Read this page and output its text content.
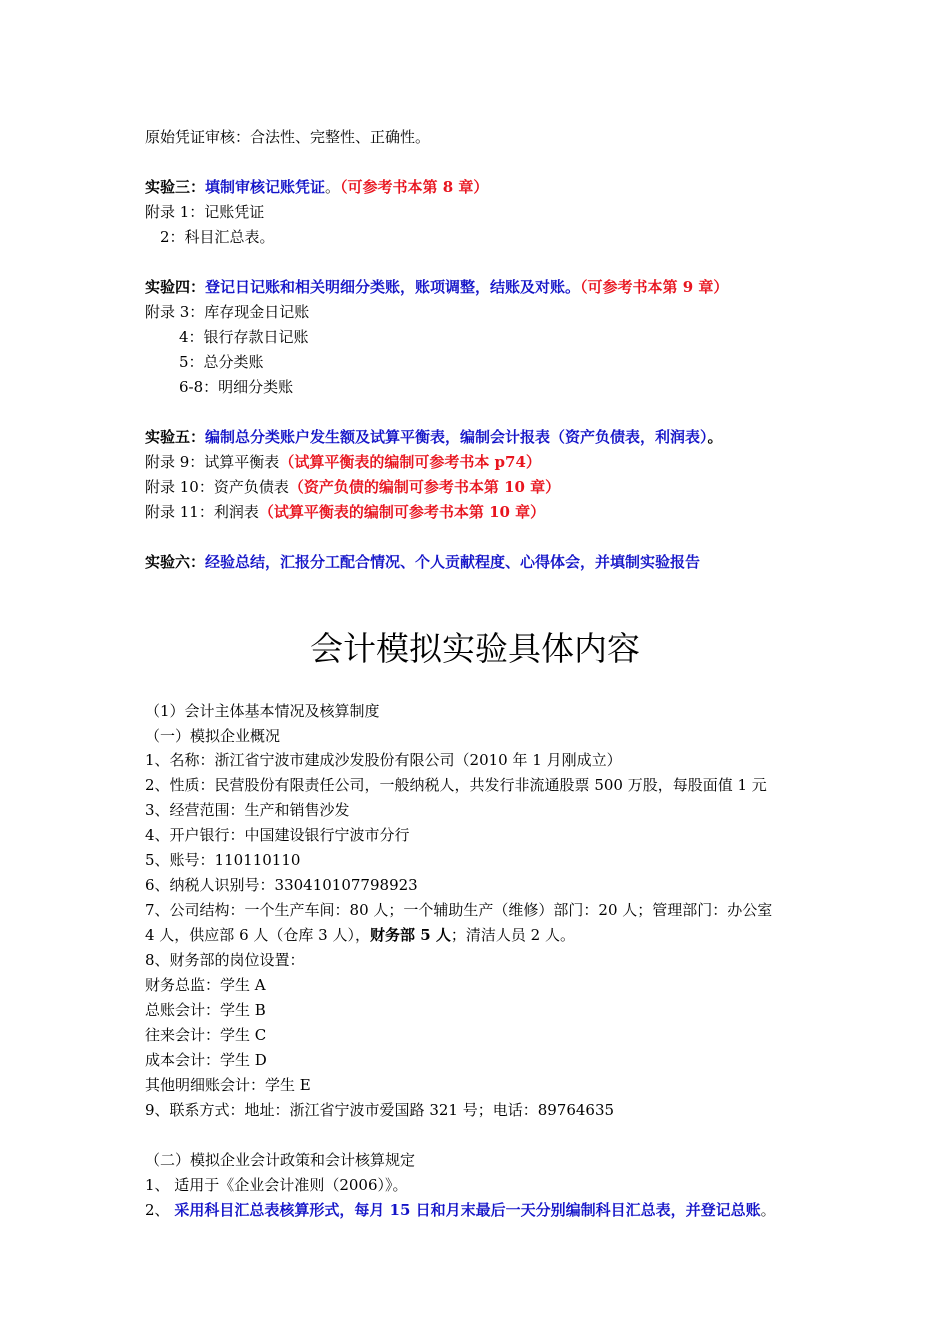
原始凭证审核：合法性、完整性、正确性。
实验三：填制审核记账凭证。（可参考书本第 8 章）
附录 1：记账凭证
2：科目汇总表。
实验四：登记日记账和相关明细分类账，账项调整，结账及对账。（可参考书本第 9 章）
附录 3：库存现金日记账
4：银行存款日记账
5：总分类账
6-8：明细分类账
实验五：编制总分类账户发生额及试算平衡表，编制会计报表（资产负债表，利润表）。
附录 9：试算平衡表（试算平衡表的编制可参考书本 p74）
附录 10：资产负债表（资产负债的编制可参考书本第 10 章）
附录 11：利润表（试算平衡表的编制可参考书本第 10 章）
实验六：经验总结，汇报分工配合情况、个人贡献程度、心得体会，并填制实验报告
会计模拟实验具体内容
（1）会计主体基本情况及核算制度
（一）模拟企业概况
1、名称：浙江省宁波市建成沙发股份有限公司（2010 年 1 月刚成立）
2、性质：民营股份有限责任公司，一般纳税人，共发行非流通股票 500 万股，每股面值 1 元
3、经营范围：生产和销售沙发
4、开户银行：中国建设银行宁波市分行
5、账号：110110110
6、纳税人识别号：330410107798923
7、公司结构：一个生产车间：80 人；一个辅助生产（维修）部门：20 人；管理部门：办公室
4 人，供应部 6 人（仓库 3 人），财务部 5 人；清洁人员 2 人。
8、财务部的岗位设置：
财务总监：学生 A
总账会计：学生 B
往来会计：学生 C
成本会计：学生 D
其他明细账会计：学生 E
9、联系方式：地址：浙江省宁波市爱国路 321 号；电话：89764635
（二）模拟企业会计政策和会计核算规定
1、 适用于《企业会计准则（2006）》。
2、 采用科目汇总表核算形式，每月 15 日和月末最后一天分别编制科目汇总表，并登记总账。
